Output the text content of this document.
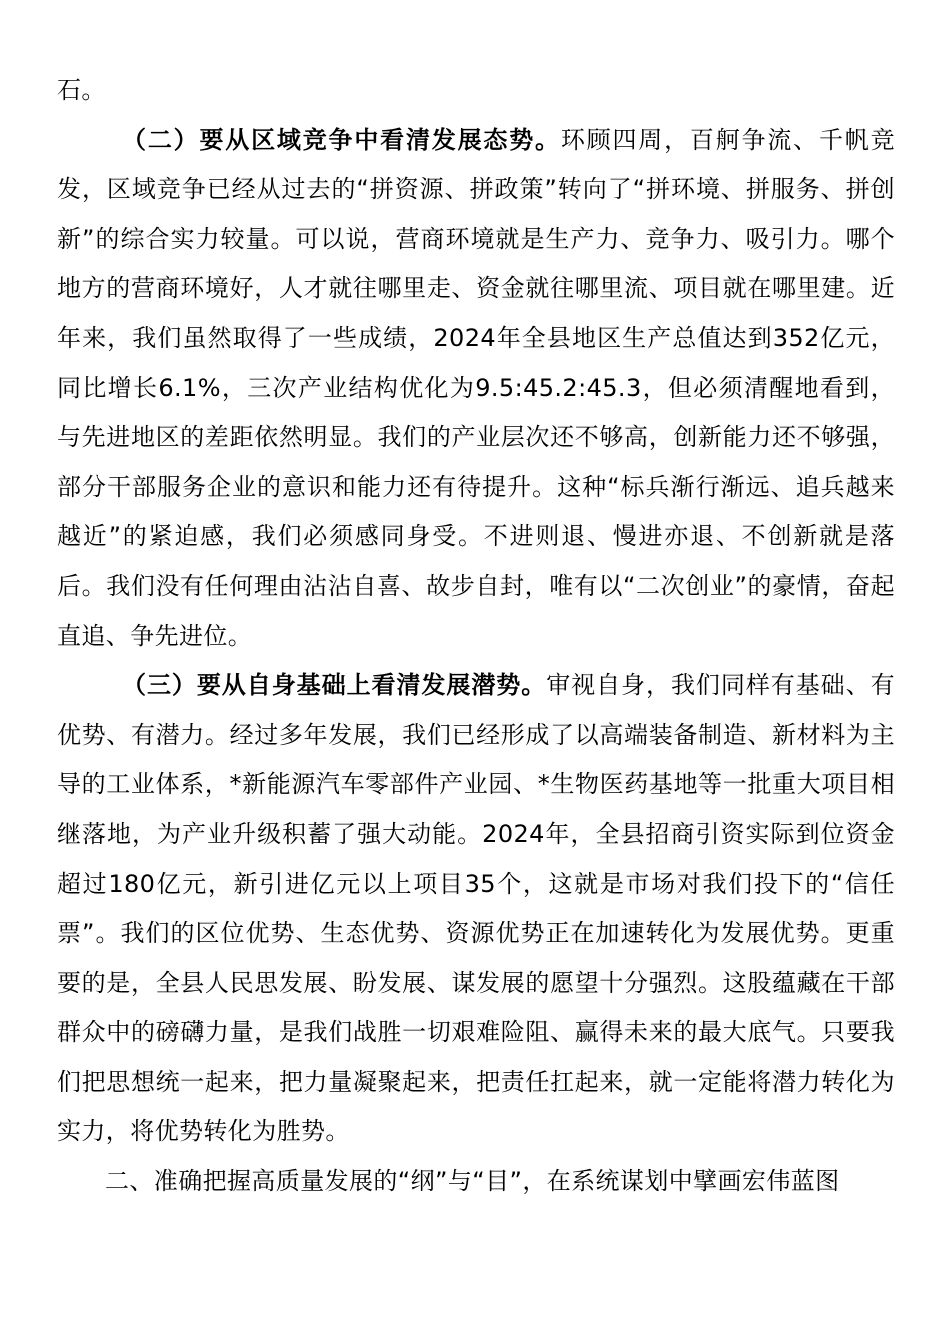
石。

（二）要从区域竞争中看清发展态势。环顾四周，百舸争流、千帆竞发，区域竞争已经从过去的“拼资源、拼政策”转向了“拼环境、拼服务、拼创新”的综合实力较量。可以说，营商环境就是生产力、竞争力、吸引力。哪个地方的营商环境好，人才就往哪里走、资金就往哪里流、项目就在哪里建。近年来，我们虽然取得了一些成绩，2024年全县地区生产总值达到352亿元，同比增长6.1%，三次产业结构优化为9.5:45.2:45.3，但必须清醒地看到，与先进地区的差距依然明显。我们的产业层次还不够高，创新能力还不够强，部分干部服务企业的意识和能力还有待提升。这种“标兵渐行渐远、追兵越来越近”的紧迫感，我们必须感同身受。不进则退、慢进亦退、不创新就是落后。我们没有任何理由沾沾自喜、故步自封，唯有以“二次创业”的豪情，奋起直追、争先进位。

（三）要从自身基础上看清发展潜势。审视自身，我们同样有基础、有优势、有潜力。经过多年发展，我们已经形成了以高端装备制造、新材料为主导的工业体系，*新能源汽车零部件产业园、*生物医药基地等一批重大项目相继落地，为产业升级积蓄了强大动能。2024年，全县招商引资实际到位资金超过180亿元，新引进亿元以上项目35个，这就是市场对我们投下的“信任票”。我们的区位优势、生态优势、资源优势正在加速转化为发展优势。更重要的是，全县人民思发展、盼发展、谋发展的愿望十分强烈。这股蕴藏在干部群众中的磅礴力量，是我们战胜一切艰难险阻、赢得未来的最大底气。只要我们把思想统一起来，把力量凝聚起来，把责任扛起来，就一定能将潜力转化为实力，将优势转化为胜势。

二、准确把握高质量发展的“纲”与“目”，在系统谋划中擘画宏伟蓝图
